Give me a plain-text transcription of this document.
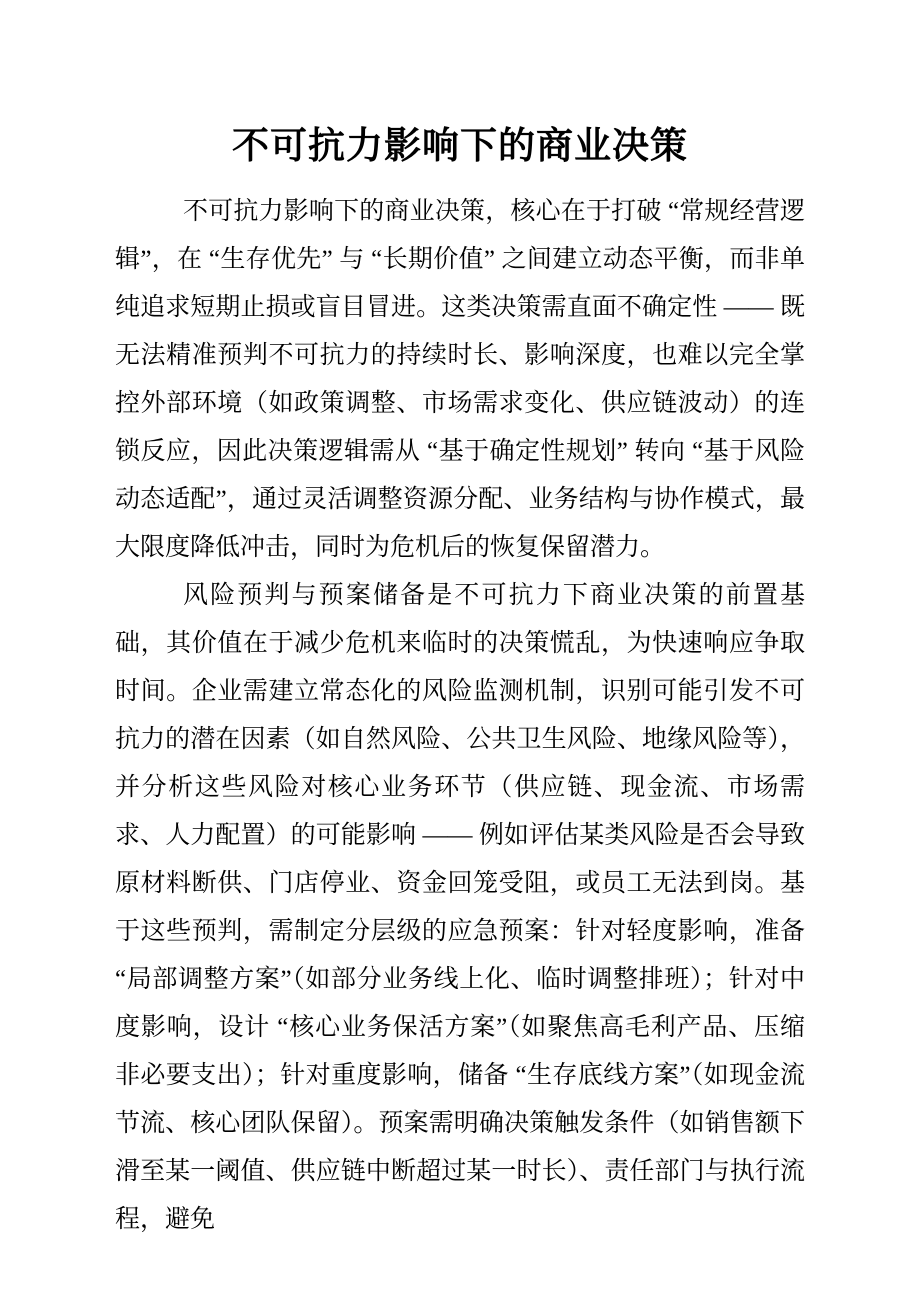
不可抗力影响下的商业决策

不可抗力影响下的商业决策，核心在于打破 “常规经营逻辑”，在 “生存优先” 与 “长期价值” 之间建立动态平衡，而非单纯追求短期止损或盲目冒进。这类决策需直面不确定性 —— 既无法精准预判不可抗力的持续时长、影响深度，也难以完全掌控外部环境（如政策调整、市场需求变化、供应链波动）的连锁反应，因此决策逻辑需从 “基于确定性规划” 转向 “基于风险动态适配”，通过灵活调整资源分配、业务结构与协作模式，最大限度降低冲击，同时为危机后的恢复保留潜力。

风险预判与预案储备是不可抗力下商业决策的前置基础，其价值在于减少危机来临时的决策慌乱，为快速响应争取时间。企业需建立常态化的风险监测机制，识别可能引发不可抗力的潜在因素（如自然风险、公共卫生风险、地缘风险等），并分析这些风险对核心业务环节（供应链、现金流、市场需求、人力配置）的可能影响 —— 例如评估某类风险是否会导致原材料断供、门店停业、资金回笼受阻，或员工无法到岗。基于这些预判，需制定分层级的应急预案：针对轻度影响，准备 “局部调整方案”（如部分业务线上化、临时调整排班）；针对中度影响，设计 “核心业务保活方案”（如聚焦高毛利产品、压缩非必要支出）；针对重度影响，储备 “生存底线方案”（如现金流节流、核心团队保留）。预案需明确决策触发条件（如销售额下滑至某一阈值、供应链中断超过某一时长）、责任部门与执行流程，避免
